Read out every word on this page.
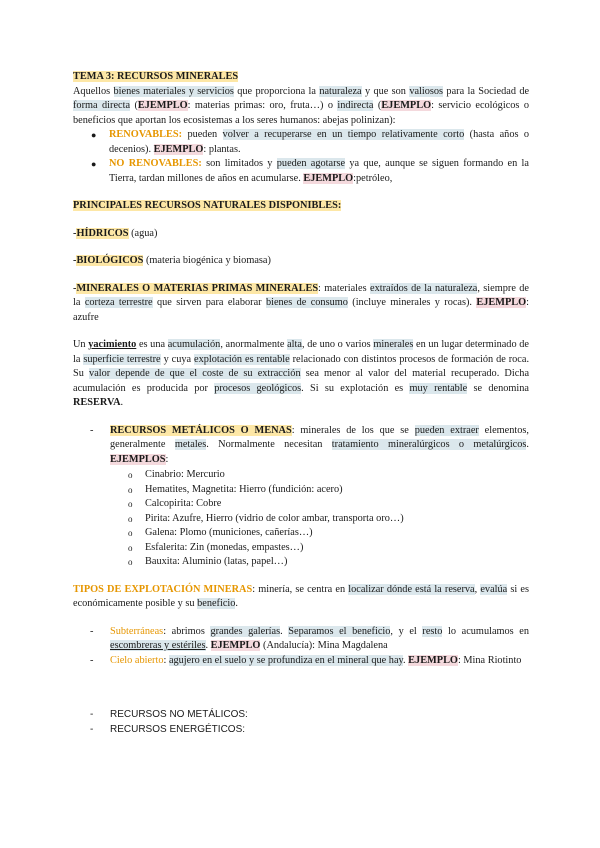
TEMA 3: RECURSOS MINERALES

Aquellos bienes materiales y servicios que proporciona la naturaleza y que son valiosos para la Sociedad de forma directa (EJEMPLO: materias primas: oro, fruta…) o indirecta (EJEMPLO: servicio ecológicos o beneficios que aportan los ecosistemas a los seres humanos: abejas polinizan):

● RENOVABLES: pueden volver a recuperarse en un tiempo relativamente corto (hasta años o decenios). EJEMPLO: plantas.
● NO RENOVABLES: son limitados y pueden agotarse ya que, aunque se siguen formando en la Tierra, tardan millones de años en acumularse. EJEMPLO:petróleo,

PRINCIPALES RECURSOS NATURALES DISPONIBLES:

-HÍDRICOS (agua)

-BIOLÓGICOS (materia biogénica y biomasa)

-MINERALES O MATERIAS PRIMAS MINERALES: materiales extraídos de la naturaleza, siempre de la corteza terrestre que sirven para elaborar bienes de consumo (incluye minerales y rocas). EJEMPLO: azufre

Un yacimiento es una acumulación, anormalmente alta, de uno o varios minerales en un lugar determinado de la superficie terrestre y cuya explotación es rentable relacionado con distintos procesos de formación de roca. Su valor depende de que el coste de su extracción sea menor al valor del material recuperado. Dicha acumulación es producida por procesos geológicos. Si su explotación es muy rentable se denomina RESERVA.

- RECURSOS METÁLICOS O MENAS: minerales de los que se pueden extraer elementos, generalmente metales. Normalmente necesitan tratamiento mineralúrgicos o metalúrgicos. EJEMPLOS:
o Cinabrio: Mercurio
o Hematites, Magnetita: Hierro (fundición: acero)
o Calcopirita: Cobre
o Pirita: Azufre, Hierro (vidrio de color ambar, transporta oro…)
o Galena: Plomo (municiones, cañerías…)
o Esfalerita: Zin (monedas, empastes…)
o Bauxita: Aluminio (latas, papel…)

TIPOS DE EXPLOTACIÓN MINERAS: minería, se centra en localizar dónde está la reserva, evalúa si es económicamente posible y su beneficio.

- Subterráneas: abrimos grandes galerías. Separamos el beneficio, y el resto lo acumulamos en escombreras y estériles. EJEMPLO (Andalucía): Mina Magdalena
- Cielo abierto: agujero en el suelo y se profundiza en el mineral que hay. EJEMPLO: Mina Riotinto
- RECURSOS NO METÁLICOS:
- RECURSOS ENERGÉTICOS:
